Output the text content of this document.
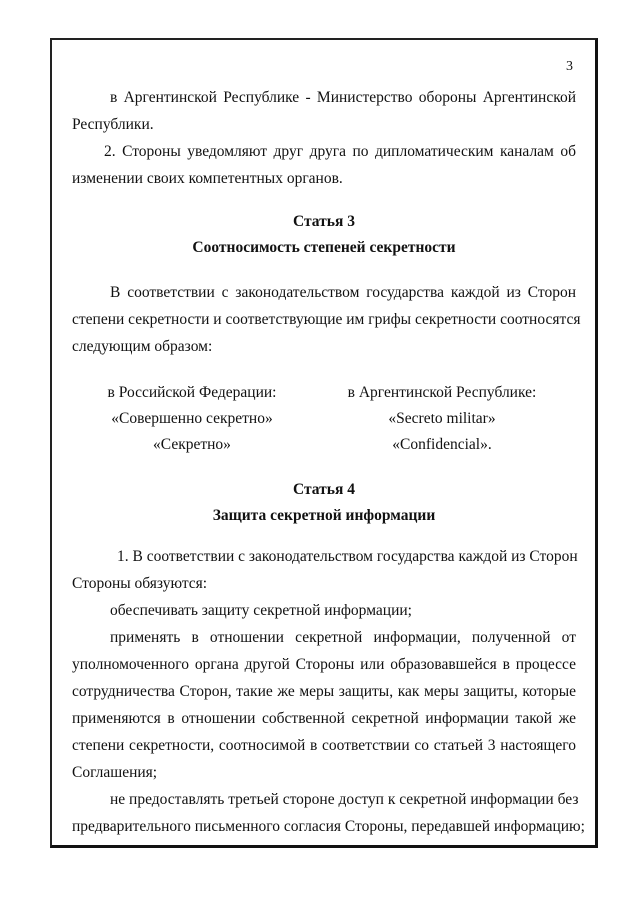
3
в Аргентинской Республике - Министерство обороны Аргентинской
Республики.
2. Стороны уведомляют друг друга по дипломатическим каналам об
изменении своих компетентных органов.
Статья 3
Соотносимость степеней секретности
В соответствии с законодательством государства каждой из Сторон
степени секретности и соответствующие им грифы секретности соотносятся
следующим образом:
в Российской Федерации:
«Совершенно секретно»
«Секретно»
в Аргентинской Республике:
«Secreto militar»
«Confidencial».
Статья 4
Защита секретной информации
1. В соответствии с законодательством государства каждой из Сторон
Стороны обязуются:
обеспечивать защиту секретной информации;
применять в отношении секретной информации, полученной от
уполномоченного органа другой Стороны или образовавшейся в процессе
сотрудничества Сторон, такие же меры защиты, как меры защиты, которые
применяются в отношении собственной секретной информации такой же
степени секретности, соотносимой в соответствии со статьей 3 настоящего
Соглашения;
не предоставлять третьей стороне доступ к секретной информации без
предварительного письменного согласия Стороны, передавшей информацию;
